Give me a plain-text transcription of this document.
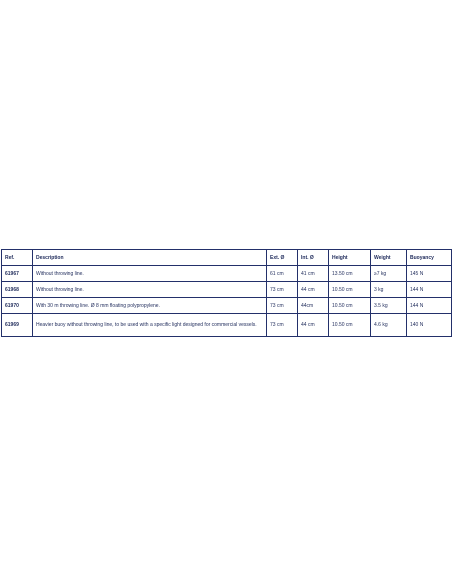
Ref.	Description	Ext. Ø	Int. Ø	Height	Weight	Buoyancy
61967	Without throwing line.	61 cm	41 cm	13.50 cm	≥7 kg	145 N
61968	Without throwing line.	73 cm	44 cm	10.50 cm	3 kg	144 N
61970	With 30 m throwing line. Ø 8 mm floating polypropylene.	73 cm	44cm	10.50 cm	3.5 kg	144 N
61969	Heavier buoy without throwing line, to be used with a specific light designed for commercial vessels.	73 cm	44 cm	10.50 cm	4.6 kg	140 N
